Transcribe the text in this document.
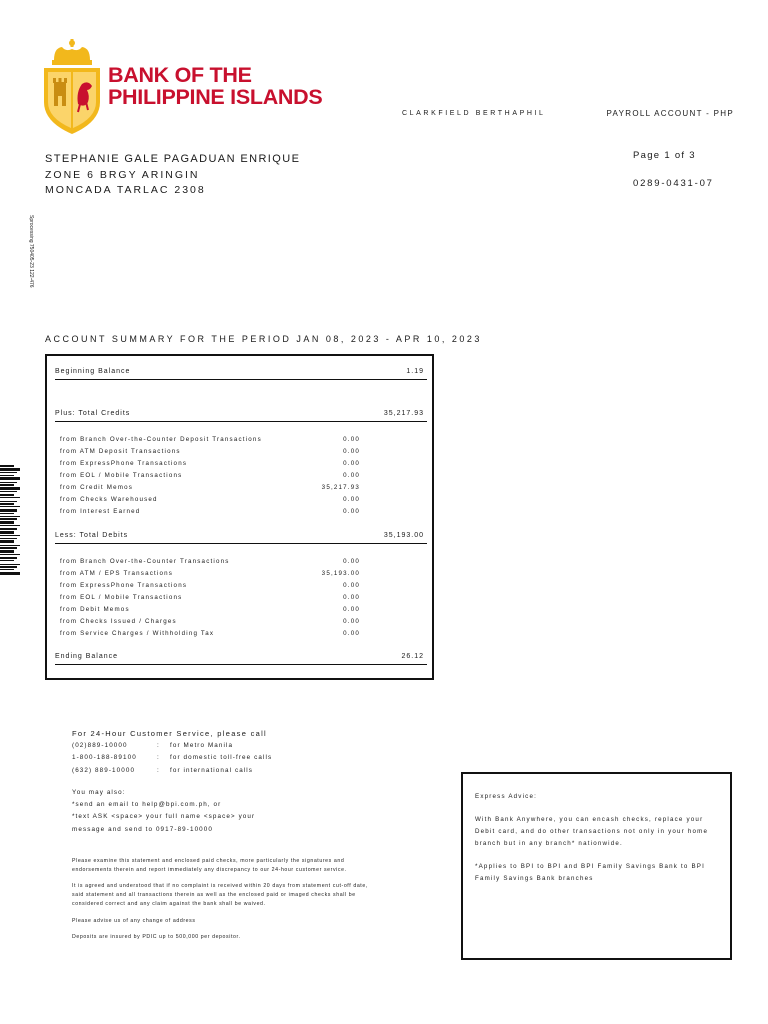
BANK OF THE
PHILIPPINE ISLANDS
CLARKFIELD BERTHAPHIL	PAYROLL ACCOUNT - PHP
STEPHANIE GALE PAGADUAN ENRIQUE
ZONE 6 BRGY ARINGIN
MONCADA TARLAC 2308
Page 1 of 3
0289-0431-07
Sprocessing 750405-23 122-476
ACCOUNT SUMMARY FOR THE PERIOD JAN 08, 2023 - APR 10, 2023
Beginning Balance	1.19
Plus: Total Credits	35,217.93
from Branch Over-the-Counter Deposit Transactions	0.00
from ATM Deposit Transactions	0.00
from ExpressPhone Transactions	0.00
from EOL / Mobile Transactions	0.00
from Credit Memos	35,217.93
from Checks Warehoused	0.00
from Interest Earned	0.00
Less: Total Debits	35,193.00
from Branch Over-the-Counter Transactions	0.00
from ATM / EPS Transactions	35,193.00
from ExpressPhone Transactions	0.00
from EOL / Mobile Transactions	0.00
from Debit Memos	0.00
from Checks Issued / Charges	0.00
from Service Charges / Withholding Tax	0.00
Ending Balance	26.12
For 24-Hour Customer Service, please call
(02)889-10000	: for Metro Manila
1-800-188-89100	: for domestic toll-free calls
(632) 889-10000	: for international calls
You may also:
*send an email to help@bpi.com.ph, or
*text ASK <space> your full name <space> your
message and send to 0917-89-10000

Please examine this statement and enclosed paid checks, more particularly the signatures and endorsements therein and report immediately any discrepancy to our 24-hour customer service.

It is agreed and understood that if no complaint is received within 20 days from statement cut-off date, said statement and all transactions therein as well as the enclosed paid or imaged checks shall be considered correct and any claim against the bank shall be waived.

Please advise us of any change of address

Deposits are insured by PDIC up to 500,000 per depositor.

Express Advice:

With Bank Anywhere, you can encash checks, replace your Debit card, and do other transactions not only in your home branch but in any branch* nationwide.

*Applies to BPI to BPI and BPI Family Savings Bank to BPI Family Savings Bank branches
